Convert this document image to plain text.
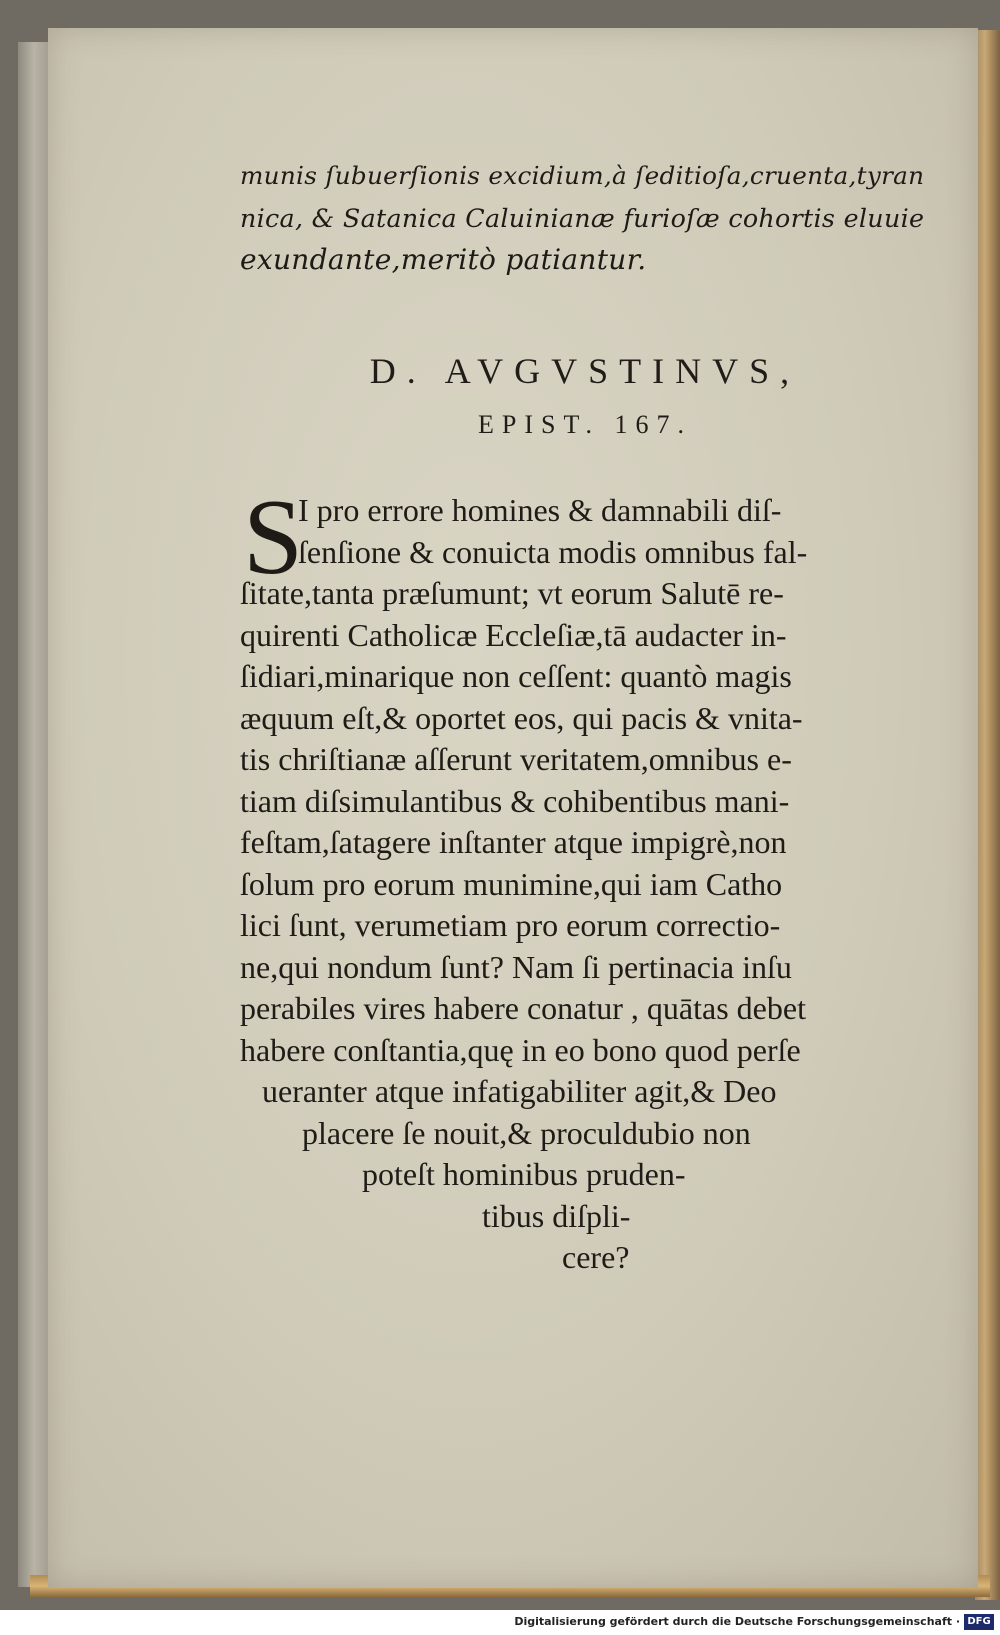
munis ſubuerſionis excidium,à ſeditioſa,cruenta,tyran
nica, & Satanica Caluinianæ furioſæ cohortis eluuie
exundante,meritò patiantur.
D. AVGVSTINVS,
EPIST. 167.
S
I pro errore homines & damnabili diſ-
ſenſione & conuicta modis omnibus fal-
ſitate,tanta præſumunt; vt eorum Salutē re-
quirenti Catholicæ Eccleſiæ,tā audacter in-
ſidiari,minarique non ceſſent: quantò magis
æquum eſt,& oportet eos, qui pacis & vnita-
tis chriſtianæ aſſerunt veritatem,omnibus e-
tiam diſsimulantibus & cohibentibus mani-
feſtam,ſatagere inſtanter atque impigrè,non
ſolum pro eorum munimine,qui iam Catho
lici ſunt, verumetiam pro eorum correctio-
ne,qui nondum ſunt? Nam ſi pertinacia inſu
perabiles vires habere conatur , quātas debet
habere conſtantia,quę in eo bono quod perſe
ueranter atque infatigabiliter agit,& Deo
placere ſe nouit,& proculdubio non
poteſt hominibus pruden-
tibus diſpli-
cere?
Digitalisierung gefördert durch die Deutsche Forschungsgemeinschaft · DFG
